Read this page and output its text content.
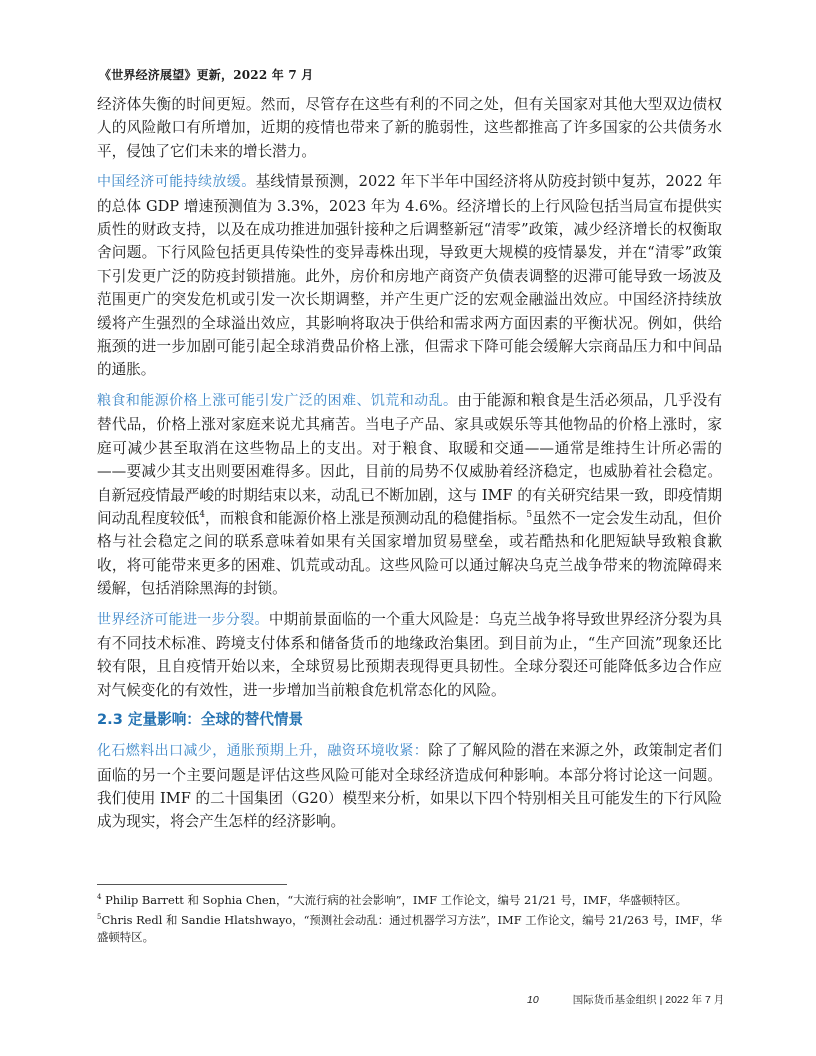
《世界经济展望》更新，2022 年 7 月

经济体失衡的时间更短。然而，尽管存在这些有利的不同之处，但有关国家对其他大型双边债权人的风险敞口有所增加，近期的疫情也带来了新的脆弱性，这些都推高了许多国家的公共债务水平，侵蚀了它们未来的增长潜力。

中国经济可能持续放缓。基线情景预测，2022 年下半年中国经济将从防疫封锁中复苏，2022 年的总体 GDP 增速预测值为 3.3%，2023 年为 4.6%。经济增长的上行风险包括当局宣布提供实质性的财政支持，以及在成功推进加强针接种之后调整新冠“清零”政策，减少经济增长的权衡取舍问题。下行风险包括更具传染性的变异毒株出现，导致更大规模的疫情暴发，并在“清零”政策下引发更广泛的防疫封锁措施。此外，房价和房地产商资产负债表调整的迟滞可能导致一场波及范围更广的突发危机或引发一次长期调整，并产生更广泛的宏观金融溢出效应。中国经济持续放缓将产生强烈的全球溢出效应，其影响将取决于供给和需求两方面因素的平衡状况。例如，供给瓶颈的进一步加剧可能引起全球消费品价格上涨，但需求下降可能会缓解大宗商品压力和中间品的通胀。

粮食和能源价格上涨可能引发广泛的困难、饥荒和动乱。由于能源和粮食是生活必须品，几乎没有替代品，价格上涨对家庭来说尤其痛苦。当电子产品、家具或娱乐等其他物品的价格上涨时，家庭可减少甚至取消在这些物品上的支出。对于粮食、取暖和交通——通常是维持生计所必需的——要减少其支出则要困难得多。因此，目前的局势不仅威胁着经济稳定，也威胁着社会稳定。自新冠疫情最严峻的时期结束以来，动乱已不断加剧，这与 IMF 的有关研究结果一致，即疫情期间动乱程度较低$^4$，而粮食和能源价格上涨是预测动乱的稳健指标。$^5$虽然不一定会发生动乱，但价格与社会稳定之间的联系意味着如果有关国家增加贸易壁垒，或若酷热和化肥短缺导致粮食歉收，将可能带来更多的困难、饥荒或动乱。这些风险可以通过解决乌克兰战争带来的物流障碍来缓解，包括消除黑海的封锁。

世界经济可能进一步分裂。中期前景面临的一个重大风险是：乌克兰战争将导致世界经济分裂为具有不同技术标准、跨境支付体系和储备货币的地缘政治集团。到目前为止，“生产回流”现象还比较有限，且自疫情开始以来，全球贸易比预期表现得更具韧性。全球分裂还可能降低多边合作应对气候变化的有效性，进一步增加当前粮食危机常态化的风险。

2.3 定量影响：全球的替代情景

化石燃料出口减少，通胀预期上升，融资环境收紧：除了了解风险的潜在来源之外，政策制定者们面临的另一个主要问题是评估这些风险可能对全球经济造成何种影响。本部分将讨论这一问题。我们使用 IMF 的二十国集团（G20）模型来分析，如果以下四个特别相关且可能发生的下行风险成为现实，将会产生怎样的经济影响。

$^4$ Philip Barrett 和 Sophia Chen，“大流行病的社会影响”，IMF 工作论文，编号 21/21 号，IMF，华盛顿特区。

$^5$Chris Redl 和 Sandie Hlatshwayo，“预测社会动乱：通过机器学习方法”，IMF 工作论文，编号 21/263 号，IMF，华盛顿特区。

10	国际货币基金组织 | 2022 年 7 月
